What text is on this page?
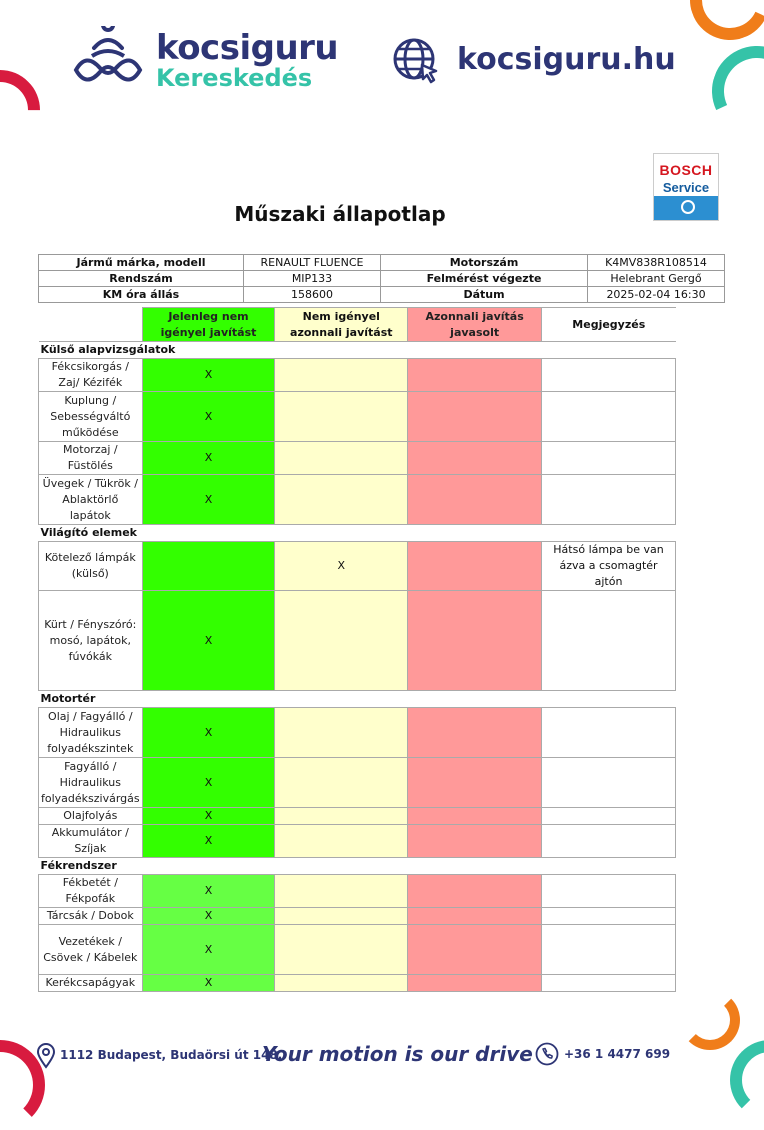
kocsiguru
Kereskedés
kocsiguru.hu
BOSCH
Service
Műszaki állapotlap
Jármű márka, modell	RENAULT FLUENCE	Motorszám	K4MV838R108514
Rendszám	MIP133	Felmérést végezte	Helebrant Gergő
KM óra állás	158600	Dátum	2025-02-04 16:30
	Jelenleg nem igényel javítást	Nem igényel azonnali javítást	Azonnali javítás javasolt	Megjegyzés
Külső alapvizsgálatok				
Fékcsikorgás / Zaj/ Kézifék	X			
Kuplung / Sebességváltó működése	X			
Motorzaj / Füstölés	X			
Üvegek / Tükrök / Ablaktörlő lapátok	X			
Világító elemek				
Kötelező lámpák (külső)		X		Hátsó lámpa be van ázva a csomagtér ajtón
Kürt / Fényszóró: mosó, lapátok, fúvókák	X			
Motortér				
Olaj / Fagyálló / Hidraulikus folyadékszintek	X			
Fagyálló / Hidraulikus folyadékszivárgás	X			
Olajfolyás	X			
Akkumulátor / Szíjak	X			
Fékrendszer				
Fékbetét / Fékpofák	X			
Tárcsák / Dobok	X			
Vezetékek / Csövek / Kábelek	X			
Kerékcsapágyak	X			
1112 Budapest, Budaörsi út 148.
Your motion is our drive	+36 1 4477 699
